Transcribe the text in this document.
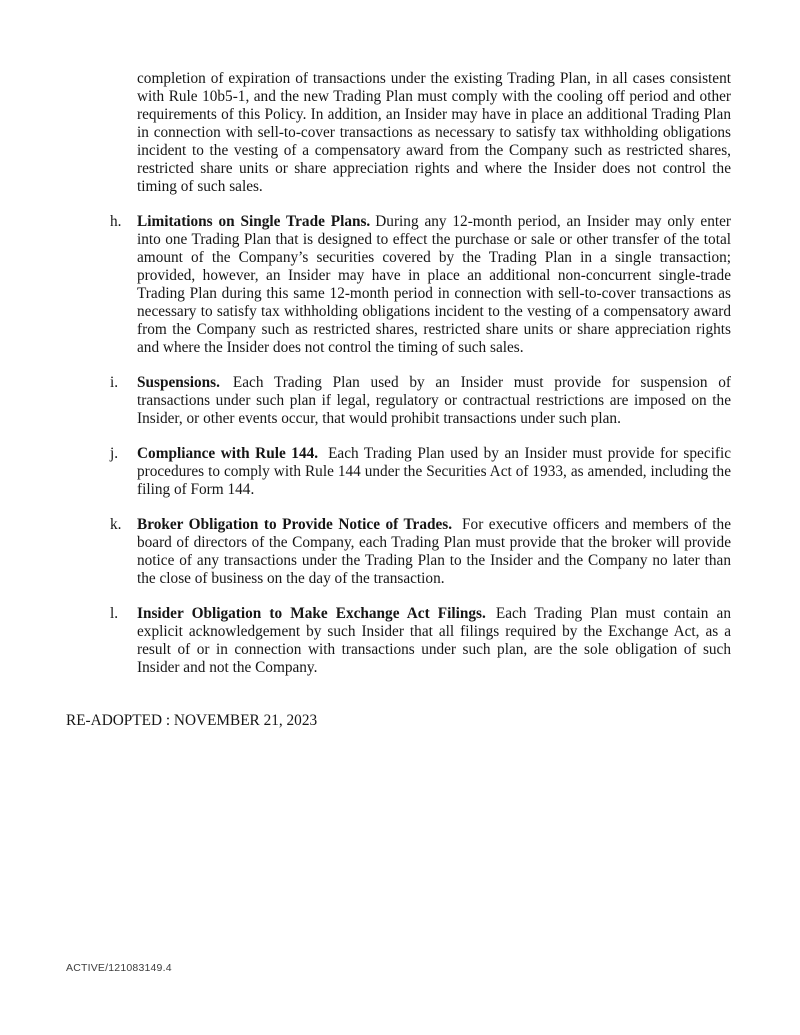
completion of expiration of transactions under the existing Trading Plan, in all cases consistent with Rule 10b5-1, and the new Trading Plan must comply with the cooling off period and other requirements of this Policy. In addition, an Insider may have in place an additional Trading Plan in connection with sell-to-cover transactions as necessary to satisfy tax withholding obligations incident to the vesting of a compensatory award from the Company such as restricted shares, restricted share units or share appreciation rights and where the Insider does not control the timing of such sales.

h. Limitations on Single Trade Plans. During any 12-month period, an Insider may only enter into one Trading Plan that is designed to effect the purchase or sale or other transfer of the total amount of the Company’s securities covered by the Trading Plan in a single transaction; provided, however, an Insider may have in place an additional non-concurrent single-trade Trading Plan during this same 12-month period in connection with sell-to-cover transactions as necessary to satisfy tax withholding obligations incident to the vesting of a compensatory award from the Company such as restricted shares, restricted share units or share appreciation rights and where the Insider does not control the timing of such sales.
i. Suspensions. Each Trading Plan used by an Insider must provide for suspension of transactions under such plan if legal, regulatory or contractual restrictions are imposed on the Insider, or other events occur, that would prohibit transactions under such plan.
j. Compliance with Rule 144. Each Trading Plan used by an Insider must provide for specific procedures to comply with Rule 144 under the Securities Act of 1933, as amended, including the filing of Form 144.
k. Broker Obligation to Provide Notice of Trades. For executive officers and members of the board of directors of the Company, each Trading Plan must provide that the broker will provide notice of any transactions under the Trading Plan to the Insider and the Company no later than the close of business on the day of the transaction.
l. Insider Obligation to Make Exchange Act Filings. Each Trading Plan must contain an explicit acknowledgement by such Insider that all filings required by the Exchange Act, as a result of or in connection with transactions under such plan, are the sole obligation of such Insider and not the Company.

RE-ADOPTED : NOVEMBER 21, 2023

ACTIVE/121083149.4
